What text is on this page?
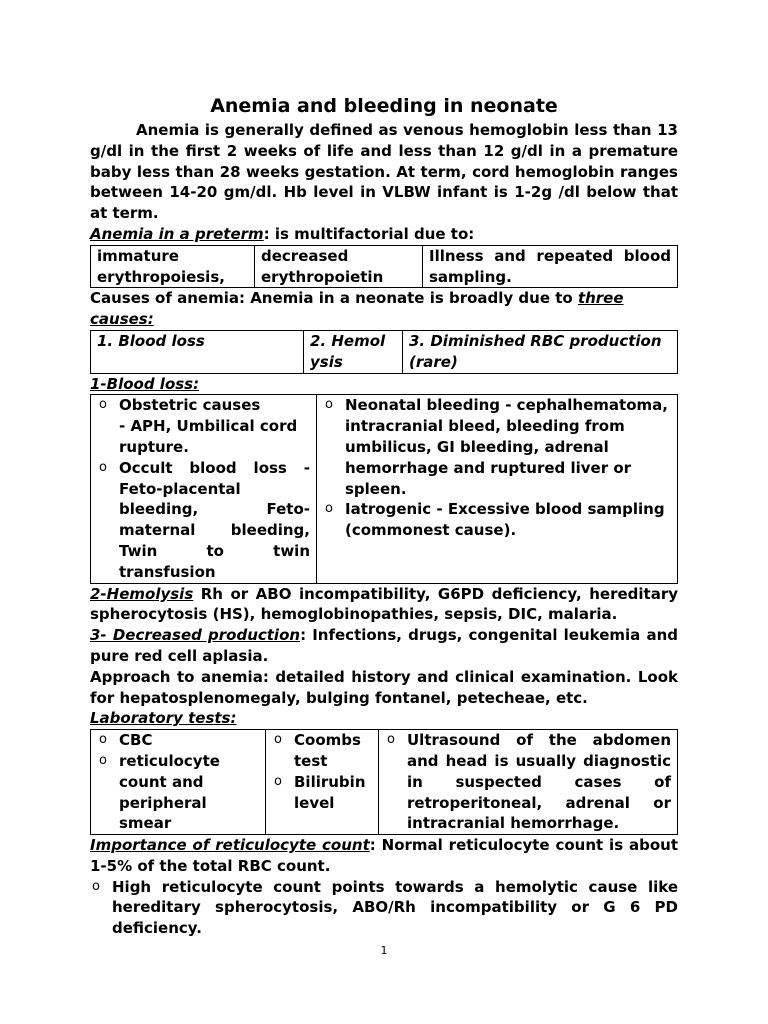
Anemia and bleeding in neonate

Anemia is generally defined as venous hemoglobin less than 13 g/dl in the first 2 weeks of life and less than 12 g/dl in a premature baby less than 28 weeks gestation. At term, cord hemoglobin ranges between 14-20 gm/dl. Hb level in VLBW infant is 1-2g /dl below that at term.

Anemia in a preterm: is multifactorial due to:

immature erythropoiesis,	decreased erythropoietin	Illness and repeated blood sampling.

Causes of anemia: Anemia in a neonate is broadly due to three causes:

1. Blood loss	2. Hemol ysis	3. Diminished RBC production (rare)

1-Blood loss:

o Obstetric causes
- APH, Umbilical cord rupture.
o Occult blood loss -
Feto-placental
bleeding, Feto-
maternal bleeding,
Twin to twin
transfusion

o Neonatal bleeding - cephalhematoma, intracranial bleed, bleeding from umbilicus, GI bleeding, adrenal hemorrhage and ruptured liver or spleen.
o Iatrogenic - Excessive blood sampling (commonest cause).

2-Hemolysis Rh or ABO incompatibility, G6PD deficiency, hereditary spherocytosis (HS), hemoglobinopathies, sepsis, DIC, malaria.

3- Decreased production: Infections, drugs, congenital leukemia and pure red cell aplasia.

Approach to anemia: detailed history and clinical examination. Look for hepatosplenomegaly, bulging fontanel, petecheae, etc.

Laboratory tests:

o CBC
o reticulocyte count and peripheral smear

o Coombs test
o Bilirubin level

o Ultrasound of the abdomen and head is usually diagnostic in suspected cases of retroperitoneal, adrenal or intracranial hemorrhage.

Importance of reticulocyte count: Normal reticulocyte count is about 1-5% of the total RBC count.

o High reticulocyte count points towards a hemolytic cause like hereditary spherocytosis, ABO/Rh incompatibility or G 6 PD deficiency.
1
